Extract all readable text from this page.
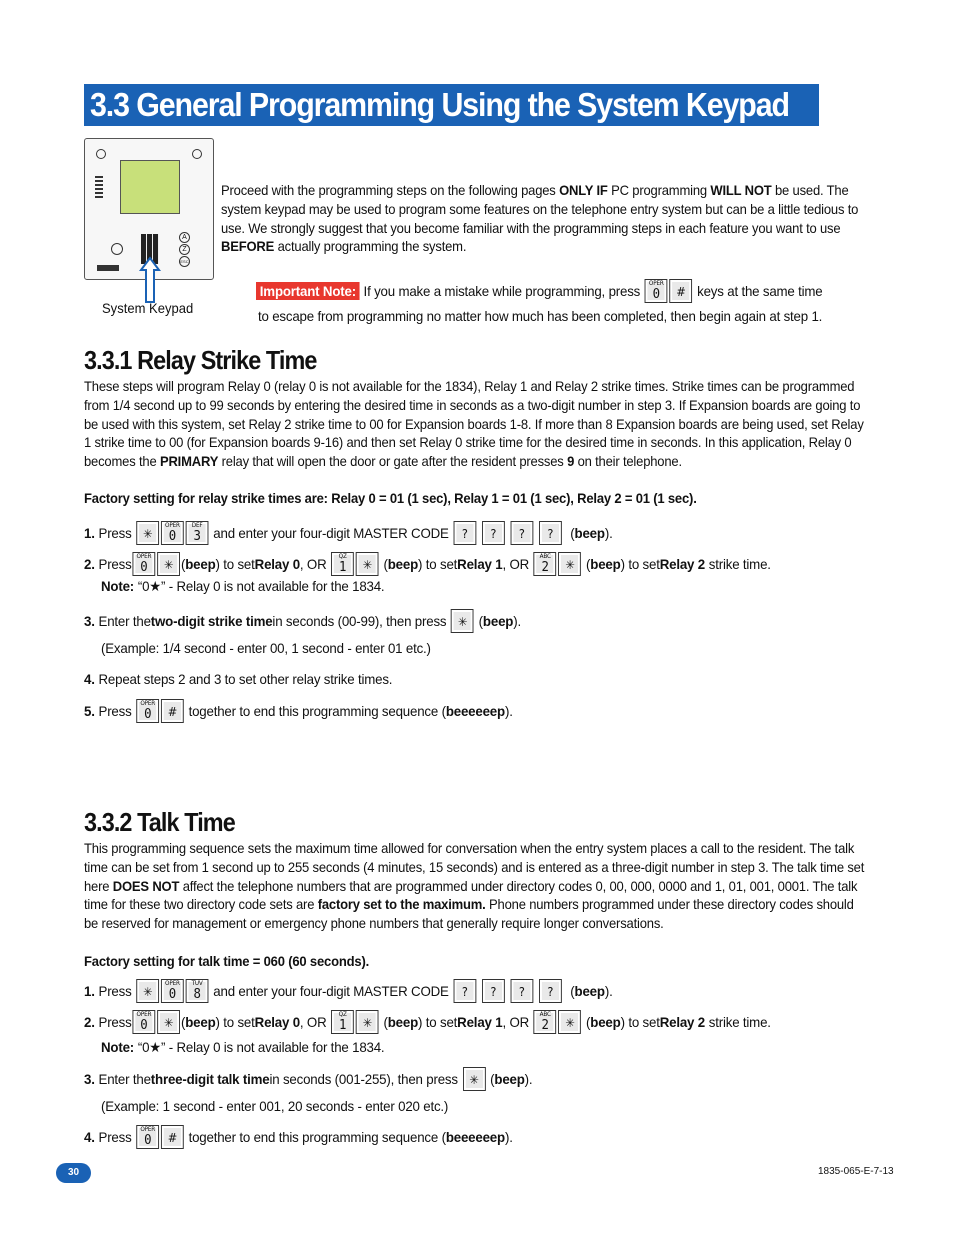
3.3 General Programming Using the System Keypad
A
Z
ESC
System Keypad
Proceed with the programming steps on the following pages ONLY IF PC programming WILL NOT be used. The system keypad may be used to program some features on the telephone entry system but can be a little tedious to use. We strongly suggest that you become familiar with the programming steps in each feature you want to use BEFORE actually programming the system.
Important Note: If you make a mistake while programming, press	OPER
0	# keys at the same time
to escape from programming no matter how much has been completed, then begin again at step 1.
3.3.1 Relay Strike Time
These steps will program Relay 0 (relay 0 is not available for the 1834), Relay 1 and Relay 2 strike times. Strike times can be programmed from 1/4 second up to 99 seconds by entering the desired time in seconds as a two-digit number in step 3. If Expansion boards are going to be used with this system, set Relay 2 strike time to 00 for Expansion boards 1-8. If more than 8 Expansion boards are being used, set Relay 1 strike time to 00 (for Expansion boards 9-16) and then set Relay 0 strike time for the desired time in seconds. In this application, Relay 0 becomes the PRIMARY relay that will open the door or gate after the resident presses 9 on their telephone.
Factory setting for relay strike times are: Relay 0 = 01 (1 sec), Relay 1 = 01 (1 sec), Relay 2 = 01 (1 sec).
1. Press ✳
OPER
0
DEF
3 and enter your four-digit MASTER CODE	?	?	?	?	( beep ).
2. Press OPER
0	✳ ( beep ) to set Relay 0 , OR	QZ
1	✳ ( beep ) to set Relay 1 , OR	ABC
2	✳ ( beep ) to set Relay 2 strike time.
Note: “0★” - Relay 0 is not available for the 1834.
3. Enter the two-digit strike time in seconds (00-99), then press ✳ ( beep ).
(Example: 1/4 second - enter 00, 1 second - enter 01 etc.)
4. Repeat steps 2 and 3 to set other relay strike times.
5. Press	OPER
0	# together to end this programming sequence ( beeeeeep ).
3.3.2 Talk Time
This programming sequence sets the maximum time allowed for conversation when the entry system places a call to the resident. The talk time can be set from 1 second up to 255 seconds (4 minutes, 15 seconds) and is entered as a three-digit number in step 3. The talk time set here DOES NOT affect the telephone numbers that are programmed under directory codes 0, 00, 000, 0000 and 1, 01, 001, 0001. The talk time for these two directory code sets are factory set to the maximum. Phone numbers programmed under these directory codes should be reserved for management or emergency phone numbers that generally require longer conversations.
Factory setting for talk time = 060 (60 seconds).
1. Press ✳
OPER
0
TUV
8 and enter your four-digit MASTER CODE	?	?	?	?	( beep ).
2. Press OPER
0	✳ ( beep ) to set Relay 0 , OR	QZ
1	✳ ( beep ) to set Relay 1 , OR	ABC
2	✳ ( beep ) to set Relay 2 strike time.
Note: “0★” - Relay 0 is not available for the 1834.
3. Enter the three-digit talk time in seconds (001-255), then press ✳ ( beep ).
(Example: 1 second - enter 001, 20 seconds - enter 020 etc.)
4. Press	OPER
0	# together to end this programming sequence ( beeeeeep ).
30	1835-065-E-7-13
